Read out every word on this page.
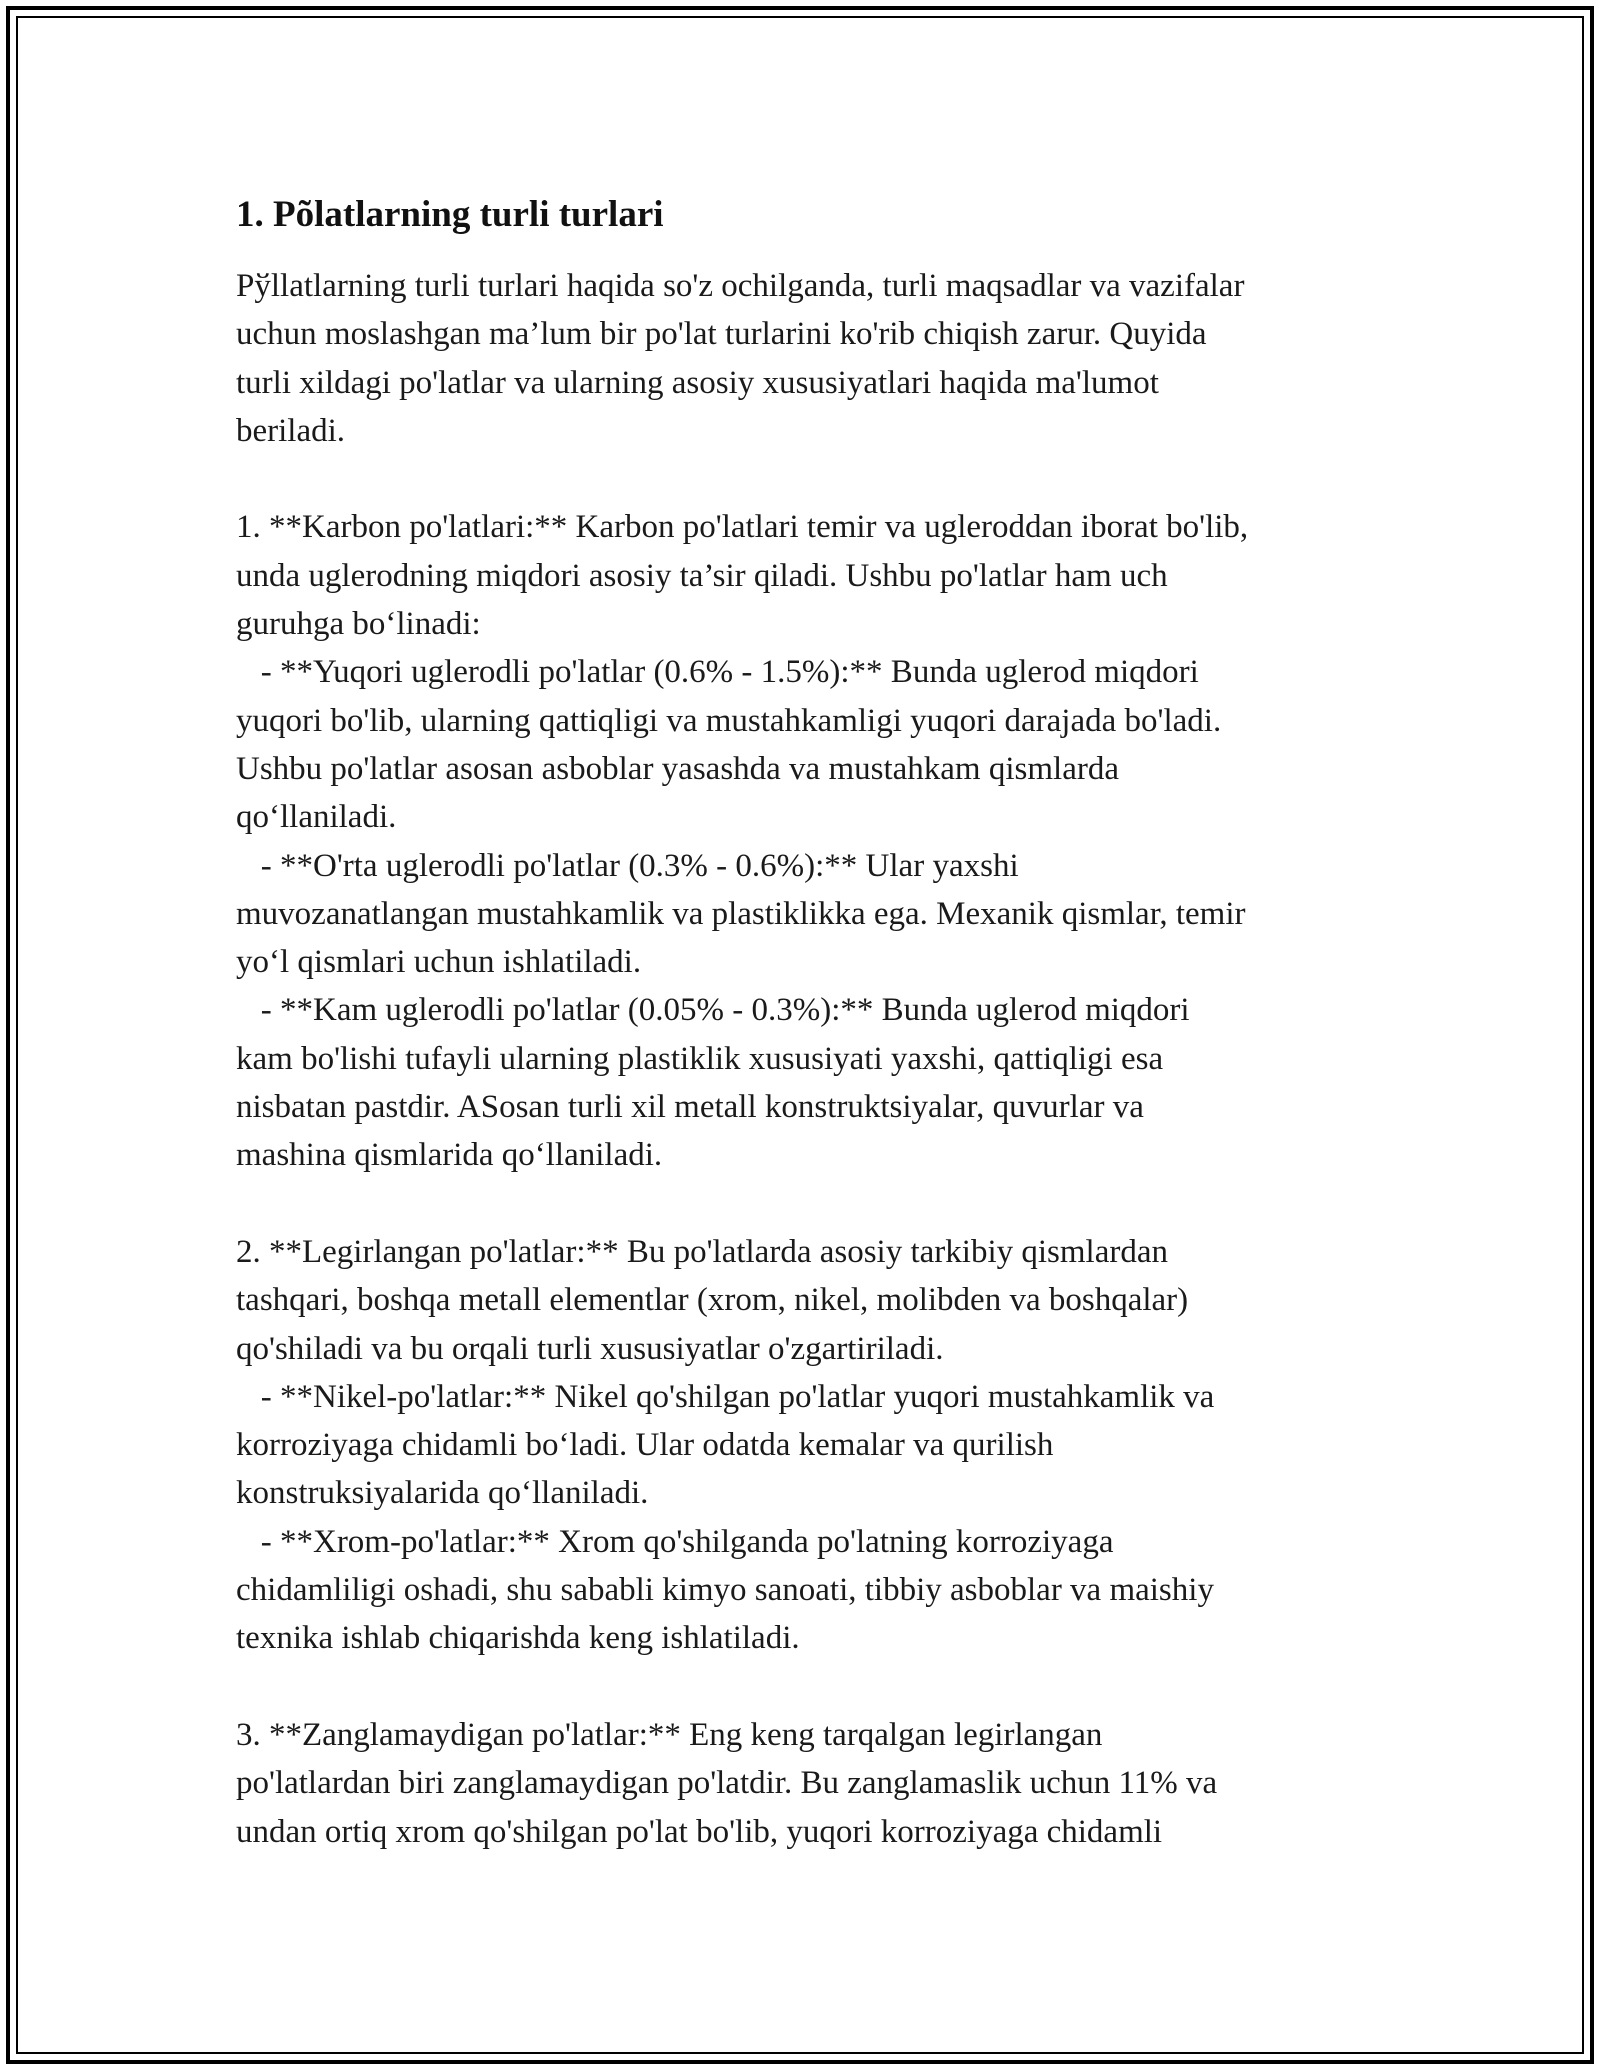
1. Põlatlarning turli turlari
Pўllatlarning turli turlari haqida so'z ochilganda, turli maqsadlar va vazifalar
uchun moslashgan ma’lum bir po'lat turlarini ko'rib chiqish zarur. Quyida
turli xildagi po'latlar va ularning asosiy xususiyatlari haqida ma'lumot
beriladi.

1. **Karbon po'latlari:** Karbon po'latlari temir va ugleroddan iborat bo'lib,
unda uglerodning miqdori asosiy ta’sir qiladi. Ushbu po'latlar ham uch
guruhga bo‘linadi:
- **Yuqori uglerodli po'latlar (0.6% - 1.5%):** Bunda uglerod miqdori
yuqori bo'lib, ularning qattiqligi va mustahkamligi yuqori darajada bo'ladi.
Ushbu po'latlar asosan asboblar yasashda va mustahkam qismlarda
qo‘llaniladi.
- **O'rta uglerodli po'latlar (0.3% - 0.6%):** Ular yaxshi
muvozanatlangan mustahkamlik va plastiklikka ega. Mexanik qismlar, temir
yo‘l qismlari uchun ishlatiladi.
- **Kam uglerodli po'latlar (0.05% - 0.3%):** Bunda uglerod miqdori
kam bo'lishi tufayli ularning plastiklik xususiyati yaxshi, qattiqligi esa
nisbatan pastdir. ASosan turli xil metall konstruktsiyalar, quvurlar va
mashina qismlarida qo‘llaniladi.

2. **Legirlangan po'latlar:** Bu po'latlarda asosiy tarkibiy qismlardan
tashqari, boshqa metall elementlar (xrom, nikel, molibden va boshqalar)
qo'shiladi va bu orqali turli xususiyatlar o'zgartiriladi.
- **Nikel-po'latlar:** Nikel qo'shilgan po'latlar yuqori mustahkamlik va
korroziyaga chidamli bo‘ladi. Ular odatda kemalar va qurilish
konstruksiyalarida qo‘llaniladi.
- **Xrom-po'latlar:** Xrom qo'shilganda po'latning korroziyaga
chidamliligi oshadi, shu sababli kimyo sanoati, tibbiy asboblar va maishiy
texnika ishlab chiqarishda keng ishlatiladi.

3. **Zanglamaydigan po'latlar:** Eng keng tarqalgan legirlangan
po'latlardan biri zanglamaydigan po'latdir. Bu zanglamaslik uchun 11% va
undan ortiq xrom qo'shilgan po'lat bo'lib, yuqori korroziyaga chidamli
